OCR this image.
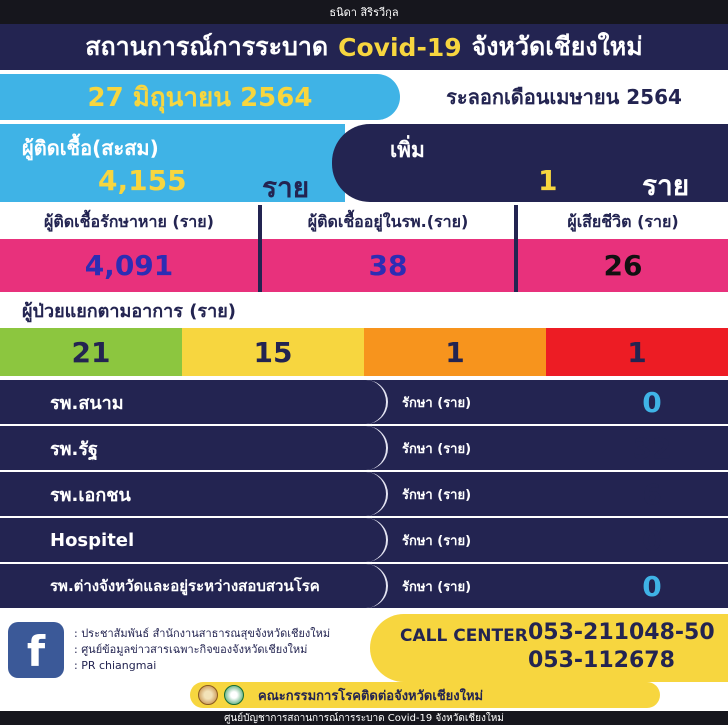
ธนิดา สิริรวีกุล
สถานการณ์การระบาด Covid-19 จังหวัดเชียงใหม่
27 มิถุนายน 2564	ระลอกเดือนเมษายน 2564
ผู้ติดเชื้อ(สะสม)
4,155	ราย
เพิ่ม
1	ราย
ผู้ติดเชื้อรักษาหาย (ราย)
4,091
ผู้ติดเชื้ออยู่ในรพ.(ราย)
38
ผู้เสียชีวิต (ราย)
26
ผู้ป่วยแยกตามอาการ (ราย)
21	15	1	1
รพ.สนาม	รักษา (ราย)	0
รพ.รัฐ	รักษา (ราย)	32
รพ.เอกชน	รักษา (ราย)	6
Hospitel	รักษา (ราย)	0
รพ.ต่างจังหวัดและอยู่ระหว่างสอบสวนโรค	รักษา (ราย)	0
f	: ประชาสัมพันธ์ สำนักงานสาธารณสุขจังหวัดเชียงใหม่
: ศูนย์ข้อมูลข่าวสารเฉพาะกิจของจังหวัดเชียงใหม่
: PR chiangmai
CALL CENTER 053-211048-50
053-112678
คณะกรรมการโรคติดต่อจังหวัดเชียงใหม่
ศูนย์บัญชาการสถานการณ์การระบาด Covid-19 จังหวัดเชียงใหม่
